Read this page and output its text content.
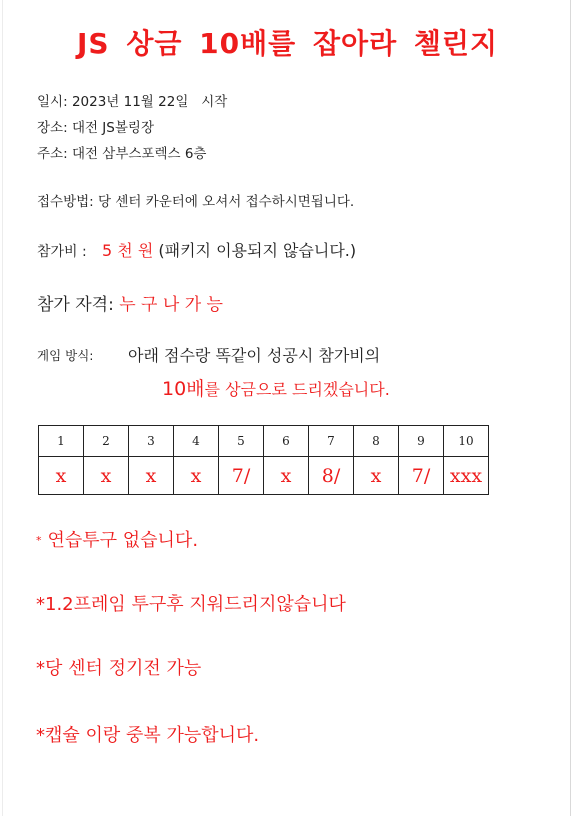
JS 상금 10배를 잡아라 첼린지
일시: 2023년 11월 22일 시작
장소: 대전 JS볼링장
주소: 대전 삼부스포렉스 6층
접수방법: 당 센터 카운터에 오셔서 접수하시면됩니다.
참가비 : 5 천 원 (패키지 이용되지 않습니다.)
참가 자격: 누 구 나 가 능
게임 방식: 아래 점수랑 똑같이 성공시 참가비의
10배를 상금으로 드리겠습니다.
1	2	3	4	5	6	7	8	9	10
x	x	x	x	7/	x	8/	x	7/	xxx
* 연습투구 없습니다.
*1.2프레임 투구후 지워드리지않습니다
*당 센터 정기전 가능
*캡슐 이랑 중복 가능합니다.
